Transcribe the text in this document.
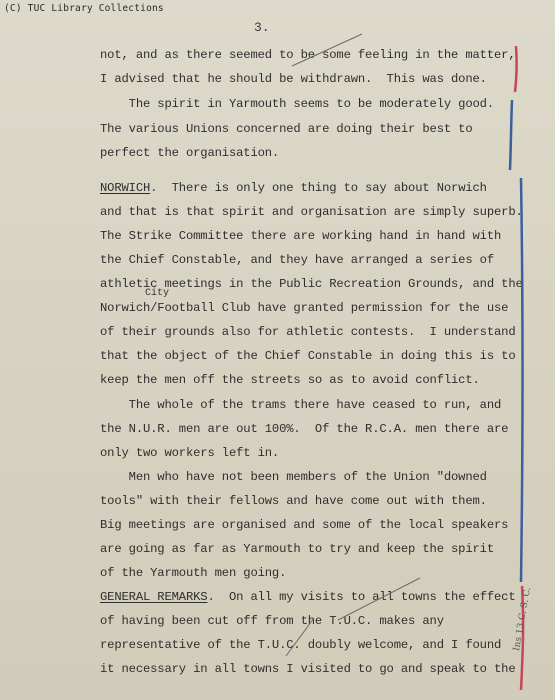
(C) TUC Library Collections
3.
not, and as there seemed to be some feeling in the matter,
I advised that he should be withdrawn.  This was done.
The spirit in Yarmouth seems to be moderately good.
The various Unions concerned are doing their best to
perfect the organisation.
NORWICH.  There is only one thing to say about Norwich
and that is that spirit and organisation are simply superb.
The Strike Committee there are working hand in hand with
the Chief Constable, and they have arranged a series of
athletic meetings in the Public Recreation Grounds, and the
City
Norwich/Football Club have granted permission for the use
of their grounds also for athletic contests.  I understand
that the object of the Chief Constable in doing this is to
keep the men off the streets so as to avoid conflict.
The whole of the trams there have ceased to run, and
the N.U.R. men are out 100%.  Of the R.C.A. men there are
only two workers left in.
Men who have not been members of the Union "downed
tools" with their fellows and have come out with them.
Big meetings are organised and some of the local speakers
are going as far as Yarmouth to try and keep the spirit
of the Yarmouth men going.
GENERAL REMARKS.  On all my visits to all towns the effect
of having been cut off from the T.U.C. makes any
representative of the T.U.C. doubly welcome, and I found
it necessary in all towns I visited to go and speak to the
Ins 13 C. S. C.
